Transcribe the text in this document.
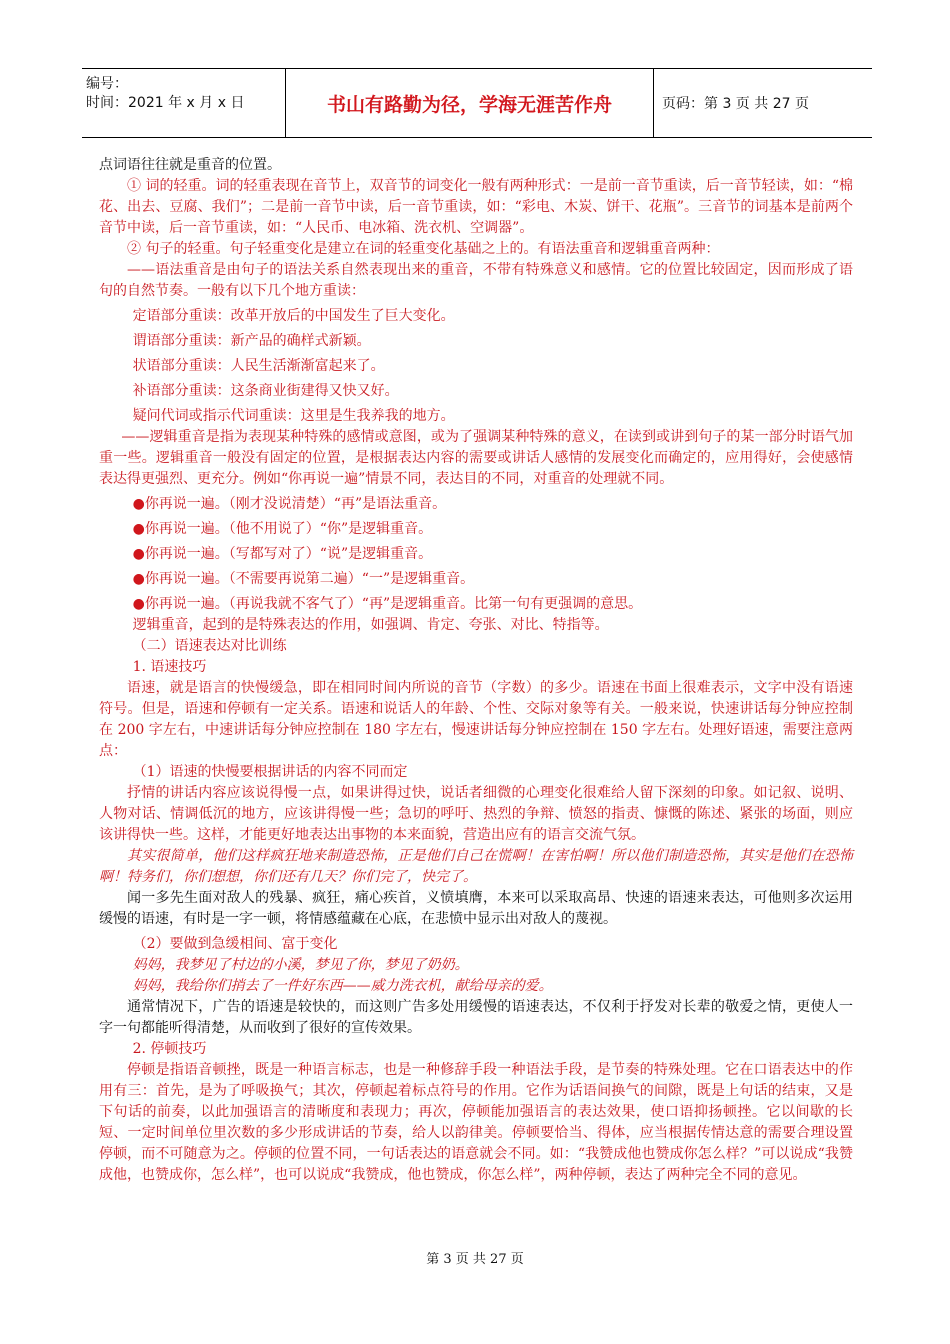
编号：
时间：2021 年 x 月 x 日	书山有路勤为径，学海无涯苦作舟	页码：第 3 页 共 27 页

点词语往往就是重音的位置。

① 词的轻重。词的轻重表现在音节上，双音节的词变化一般有两种形式：一是前一音节重读，后一音节轻读，如：“棉花、出去、豆腐、我们”；二是前一音节中读，后一音节重读，如：“彩电、木炭、饼干、花瓶”。三音节的词基本是前两个音节中读，后一音节重读，如：“人民币、电冰箱、洗衣机、空调器”。

② 句子的轻重。句子轻重变化是建立在词的轻重变化基础之上的。有语法重音和逻辑重音两种：

——语法重音是由句子的语法关系自然表现出来的重音，不带有特殊意义和感情。它的位置比较固定，因而形成了语句的自然节奏。一般有以下几个地方重读：

定语部分重读：改革开放后的中国发生了巨大变化。

谓语部分重读：新产品的确样式新颖。

状语部分重读：人民生活渐渐富起来了。

补语部分重读：这条商业街建得又快又好。

疑问代词或指示代词重读：这里是生我养我的地方。

——逻辑重音是指为表现某种特殊的感情或意图，或为了强调某种特殊的意义，在读到或讲到句子的某一部分时语气加重一些。逻辑重音一般没有固定的位置，是根据表达内容的需要或讲话人感情的发展变化而确定的，应用得好，会使感情表达得更强烈、更充分。例如“你再说一遍”情景不同，表达目的不同，对重音的处理就不同。

●你再说一遍。（刚才没说清楚）“再”是语法重音。

●你再说一遍。（他不用说了）“你”是逻辑重音。

●你再说一遍。（写都写对了）“说”是逻辑重音。

●你再说一遍。（不需要再说第二遍）“一”是逻辑重音。

●你再说一遍。（再说我就不客气了）“再”是逻辑重音。比第一句有更强调的意思。

逻辑重音，起到的是特殊表达的作用，如强调、肯定、夸张、对比、特指等。

（二）语速表达对比训练

1. 语速技巧

语速，就是语言的快慢缓急，即在相同时间内所说的音节（字数）的多少。语速在书面上很难表示，文字中没有语速符号。但是，语速和停顿有一定关系。语速和说话人的年龄、个性、交际对象等有关。一般来说，快速讲话每分钟应控制在 200 字左右，中速讲话每分钟应控制在 180 字左右，慢速讲话每分钟应控制在 150 字左右。处理好语速，需要注意两点：

（1）语速的快慢要根据讲话的内容不同而定

抒情的讲话内容应该说得慢一点，如果讲得过快，说话者细微的心理变化很难给人留下深刻的印象。如记叙、说明、人物对话、情调低沉的地方，应该讲得慢一些；急切的呼吁、热烈的争辩、愤怒的指责、慷慨的陈述、紧张的场面，则应该讲得快一些。这样，才能更好地表达出事物的本来面貌，营造出应有的语言交流气氛。

其实很简单，他们这样疯狂地来制造恐怖，正是他们自己在慌啊！在害怕啊！所以他们制造恐怖，其实是他们在恐怖啊！特务们，你们想想，你们还有几天？你们完了，快完了。

闻一多先生面对敌人的残暴、疯狂，痛心疾首，义愤填膺，本来可以采取高昂、快速的语速来表达，可他则多次运用缓慢的语速，有时是一字一顿，将情感蕴藏在心底，在悲愤中显示出对敌人的蔑视。

（2）要做到急缓相间、富于变化

妈妈，我梦见了村边的小溪，梦见了你，梦见了奶奶。

妈妈，我给你们捎去了一件好东西——威力洗衣机，献给母亲的爱。

通常情况下，广告的语速是较快的，而这则广告多处用缓慢的语速表达，不仅利于抒发对长辈的敬爱之情，更使人一字一句都能听得清楚，从而收到了很好的宣传效果。

2. 停顿技巧

停顿是指语音顿挫，既是一种语言标志，也是一种修辞手段一种语法手段，是节奏的特殊处理。它在口语表达中的作用有三：首先，是为了呼吸换气；其次，停顿起着标点符号的作用。它作为话语间换气的间隙，既是上句话的结束，又是下句话的前奏，以此加强语言的清晰度和表现力；再次，停顿能加强语言的表达效果，使口语抑扬顿挫。它以间歇的长短、一定时间单位里次数的多少形成讲话的节奏，给人以韵律美。停顿要恰当、得体，应当根据传情达意的需要合理设置停顿，而不可随意为之。停顿的位置不同，一句话表达的语意就会不同。如：“我赞成他也赞成你怎么样？”可以说成“我赞成他，也赞成你，怎么样”，也可以说成“我赞成，他也赞成，你怎么样”，两种停顿，表达了两种完全不同的意见。

第 3 页 共 27 页
